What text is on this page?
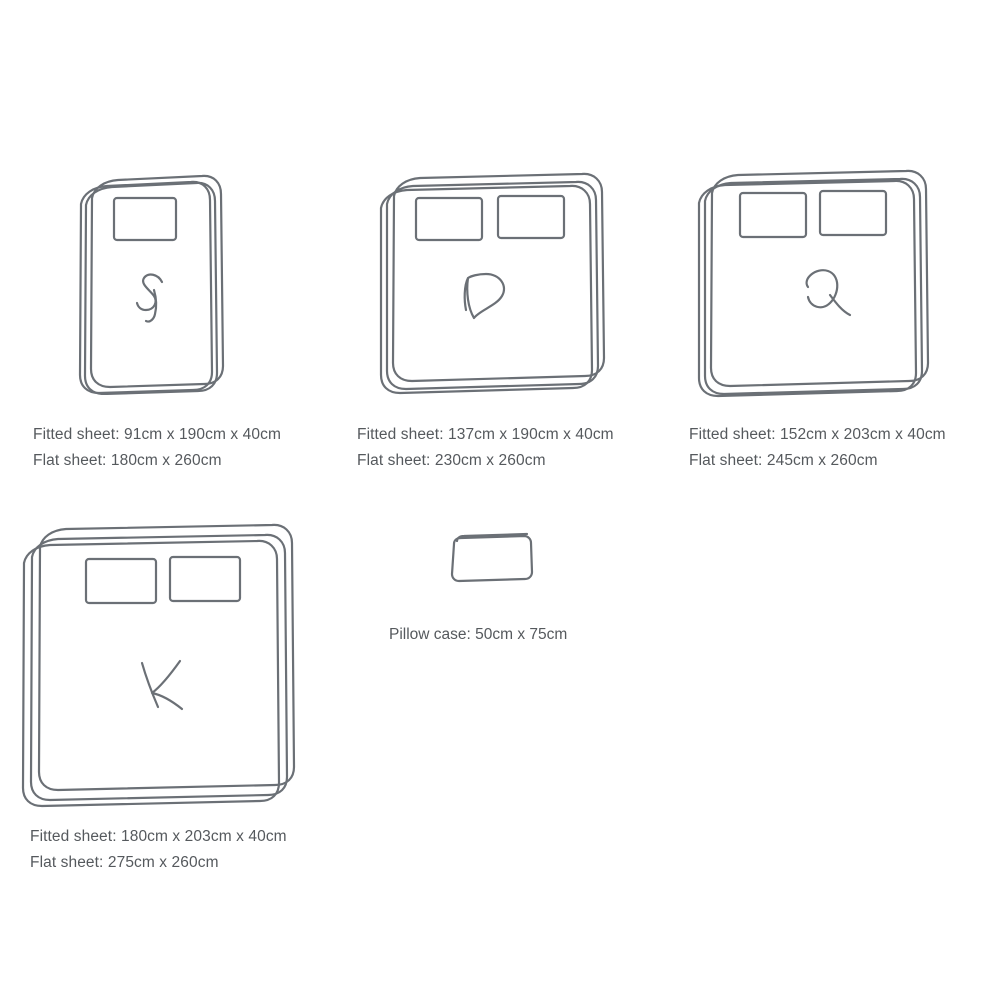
Fitted sheet: 91cm x 190cm x 40cm
Flat sheet: 180cm x 260cm
Fitted sheet: 137cm x 190cm x 40cm
Flat sheet: 230cm x 260cm
Fitted sheet: 152cm x 203cm x 40cm
Flat sheet: 245cm x 260cm
Fitted sheet: 180cm x 203cm x 40cm
Flat sheet: 275cm x 260cm
Pillow case: 50cm x 75cm
